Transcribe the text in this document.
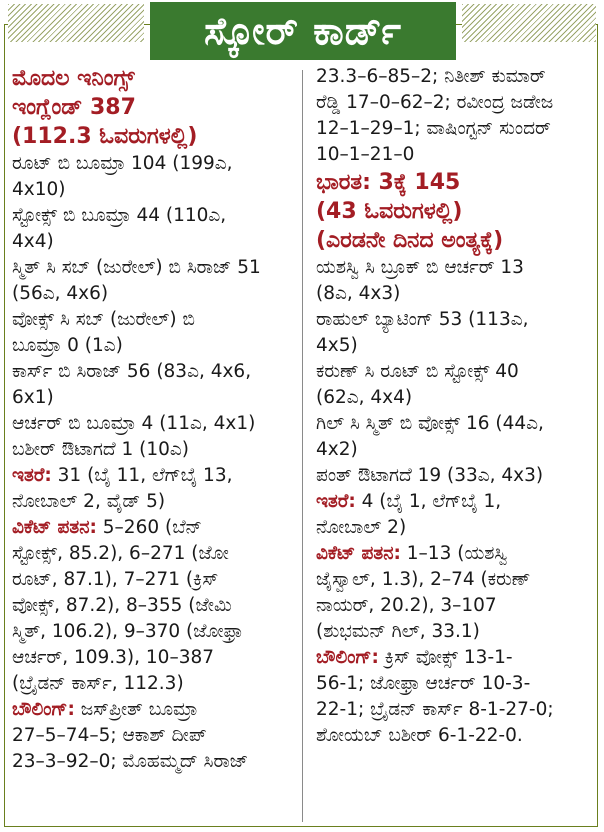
ಸ್ಕೋರ್ ಕಾರ್ಡ್
ಮೊದಲ ಇನಿಂಗ್ಸ್
ಇಂಗ್ಲೆಂಡ್ 387
(112.3 ಓವರುಗಳಲ್ಲಿ)
ರೂಟ್ ಬಿ ಬೂಮ್ರಾ 104 (199ಎ,
4x10)
ಸ್ಟೋಕ್ಸ್ ಬಿ ಬೂಮ್ರಾ 44 (110ಎ,
4x4)
ಸ್ಮಿತ್ ಸಿ ಸಬ್ (ಜುರೇಲ್) ಬಿ ಸಿರಾಜ್ 51
(56ಎ, 4x6)
ವೋಕ್ಸ್ ಸಿ ಸಬ್ (ಜುರೇಲ್) ಬಿ
ಬೂಮ್ರಾ 0 (1ಎ)
ಕಾರ್ಸ್ ಬಿ ಸಿರಾಜ್ 56 (83ಎ, 4x6,
6x1)
ಆರ್ಚರ್ ಬಿ ಬೂಮ್ರಾ 4 (11ಎ, 4x1)
ಬಶೀರ್ ಔಟಾಗದೆ 1 (10ಎ)
ಇತರೆ: 31 (ಬೈ 11, ಲೆಗ್‌ಬೈ 13,
ನೋಬಾಲ್ 2, ವೈಡ್ 5)
ವಿಕೆಟ್ ಪತನ: 5–260 (ಬೆನ್
ಸ್ಟೋಕ್ಸ್, 85.2), 6–271 (ಜೋ
ರೂಟ್, 87.1), 7–271 (ಕ್ರಿಸ್
ವೋಕ್ಸ್, 87.2), 8–355 (ಜೇಮಿ
ಸ್ಮಿತ್, 106.2), 9–370 (ಜೋಫ್ರಾ
ಆರ್ಚರ್, 109.3), 10–387
(ಬ್ರೈಡನ್ ಕಾರ್ಸ್, 112.3)
ಬೌಲಿಂಗ್: ಜಸ್‌ಪ್ರೀತ್ ಬೂಮ್ರಾ
27–5–74–5; ಆಕಾಶ್ ದೀಪ್
23–3–92–0; ಮೊಹಮ್ಮದ್ ಸಿರಾಜ್
23.3–6–85–2; ನಿತೀಶ್ ಕುಮಾರ್
ರೆಡ್ಡಿ 17–0–62–2; ರವೀಂದ್ರ ಜಡೇಜ
12–1–29–1; ವಾಷಿಂಗ್ಟನ್ ಸುಂದರ್
10–1–21–0
ಭಾರತ: 3ಕ್ಕೆ 145
(43 ಓವರುಗಳಲ್ಲಿ)
(ಎರಡನೇ ದಿನದ ಅಂತ್ಯಕ್ಕೆ)
ಯಶಸ್ವಿ ಸಿ ಬ್ರೂಕ್ ಬಿ ಆರ್ಚರ್ 13
(8ಎ, 4x3)
ರಾಹುಲ್ ಬ್ಯಾಟಿಂಗ್ 53 (113ಎ,
4x5)
ಕರುಣ್ ಸಿ ರೂಟ್ ಬಿ ಸ್ಟೋಕ್ಸ್ 40
(62ಎ, 4x4)
ಗಿಲ್ ಸಿ ಸ್ಮಿತ್ ಬಿ ವೋಕ್ಸ್ 16 (44ಎ,
4x2)
ಪಂತ್ ಔಟಾಗದೆ 19 (33ಎ, 4x3)
ಇತರೆ: 4 (ಬೈ 1, ಲೆಗ್‌ಬೈ 1,
ನೋಬಾಲ್ 2)
ವಿಕೆಟ್ ಪತನ: 1–13 (ಯಶಸ್ವಿ
ಜೈಸ್ವಾಲ್, 1.3), 2–74 (ಕರುಣ್
ನಾಯರ್, 20.2), 3–107
(ಶುಭಮನ್ ಗಿಲ್, 33.1)
ಬೌಲಿಂಗ್: ಕ್ರಿಸ್ ವೋಕ್ಸ್ 13-1-
56-1; ಜೋಫ್ರಾ ಆರ್ಚರ್ 10-3-
22-1; ಬ್ರೈಡನ್ ಕಾರ್ಸ್ 8-1-27-0;
ಶೋಯಬ್ ಬಶೀರ್ 6-1-22-0.
